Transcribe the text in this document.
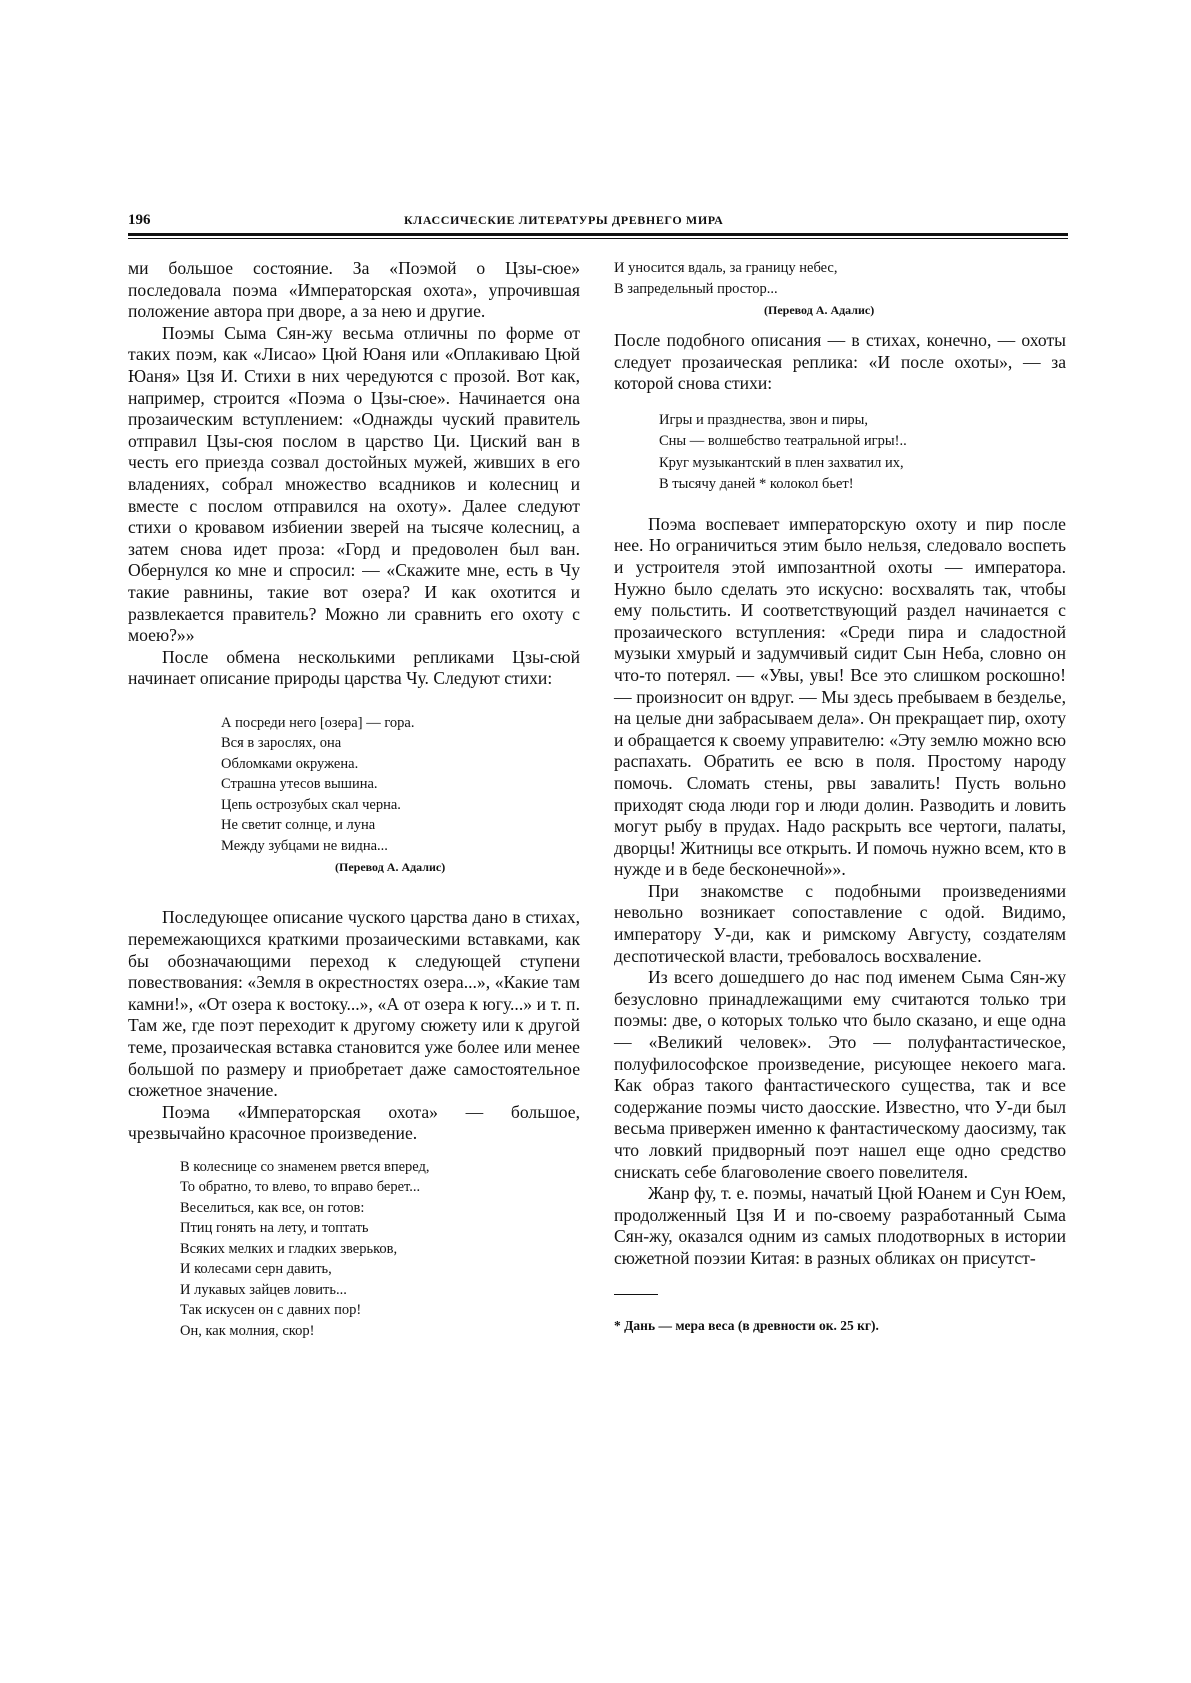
196	КЛАССИЧЕСКИЕ ЛИТЕРАТУРЫ ДРЕВНЕГО МИРА

ми большое состояние. За «Поэмой о Цзы-сюе» последовала поэма «Императорская охота», упрочившая положение автора при дворе, а за нею и другие.

Поэмы Сыма Сян-жу весьма отличны по форме от таких поэм, как «Лисао» Цюй Юаня или «Оплакиваю Цюй Юаня» Цзя И. Стихи в них чередуются с прозой. Вот как, например, строится «Поэма о Цзы-сюе». Начинается она прозаическим вступлением: «Однажды чуский правитель отправил Цзы-сюя послом в царство Ци. Циский ван в честь его приезда созвал достойных мужей, живших в его владениях, собрал множество всадников и колесниц и вместе с послом отправился на охоту». Далее следуют стихи о кровавом избиении зверей на тысяче колесниц, а затем снова идет проза: «Горд и предоволен был ван. Обернулся ко мне и спросил: — «Скажите мне, есть в Чу такие равнины, такие вот озера? И как охотится и развлекается правитель? Можно ли сравнить его охоту с моею?»»

После обмена несколькими репликами Цзы-сюй начинает описание природы царства Чу. Следуют стихи:

А посреди него [озера] — гора.
Вся в зарослях, она
Обломками окружена.
Страшна утесов вышина.
Цепь острозубых скал черна.
Не светит солнце, и луна
Между зубцами не видна...
(Перевод А. Адалис)

Последующее описание чуского царства дано в стихах, перемежающихся краткими прозаическими вставками, как бы обозначающими переход к следующей ступени повествования: «Земля в окрестностях озера...», «Какие там камни!», «От озера к востоку...», «А от озера к югу...» и т. п. Там же, где поэт переходит к другому сюжету или к другой теме, прозаическая вставка становится уже более или менее большой по размеру и приобретает даже самостоятельное сюжетное значение.

Поэма «Императорская охота» — большое, чрезвычайно красочное произведение.

В колеснице со знаменем рвется вперед,
То обратно, то влево, то вправо берет...
Веселиться, как все, он готов:
Птиц гонять на лету, и топтать
Всяких мелких и гладких зверьков,
И колесами серн давить,
И лукавых зайцев ловить...
Так искусен он с давних пор!
Он, как молния, скор!
И уносится вдаль, за границу небес,
В запредельный простор...
(Перевод А. Адалис)

После подобного описания — в стихах, конечно, — охоты следует прозаическая реплика: «И после охоты», — за которой снова стихи:

Игры и празднества, звон и пиры,
Сны — волшебство театральной игры!..
Круг музыкантский в плен захватил их,
В тысячу даней * колокол бьет!

Поэма воспевает императорскую охоту и пир после нее. Но ограничиться этим было нельзя, следовало воспеть и устроителя этой импозантной охоты — императора. Нужно было сделать это искусно: восхвалять так, чтобы ему польстить. И соответствующий раздел начинается с прозаического вступления: «Среди пира и сладостной музыки хмурый и задумчивый сидит Сын Неба, словно он что-то потерял. — «Увы, увы! Все это слишком роскошно! — произносит он вдруг. — Мы здесь пребываем в безделье, на целые дни забрасываем дела». Он прекращает пир, охоту и обращается к своему управителю: «Эту землю можно всю распахать. Обратить ее всю в поля. Простому народу помочь. Сломать стены, рвы завалить! Пусть вольно приходят сюда люди гор и люди долин. Разводить и ловить могут рыбу в прудах. Надо раскрыть все чертоги, палаты, дворцы! Житницы все открыть. И помочь нужно всем, кто в нужде и в беде бесконечной»».

При знакомстве с подобными произведениями невольно возникает сопоставление с одой. Видимо, императору У-ди, как и римскому Августу, создателям деспотической власти, требовалось восхваление.

Из всего дошедшего до нас под именем Сыма Сян-жу безусловно принадлежащими ему считаются только три поэмы: две, о которых только что было сказано, и еще одна — «Великий человек». Это — полуфантастическое, полуфилософское произведение, рисующее некоего мага. Как образ такого фантастического существа, так и все содержание поэмы чисто даосские. Известно, что У-ди был весьма привержен именно к фантастическому даосизму, так что ловкий придворный поэт нашел еще одно средство снискать себе благоволение своего повелителя.

Жанр фу, т. е. поэмы, начатый Цюй Юанем и Сун Юем, продолженный Цзя И и по-своему разработанный Сыма Сян-жу, оказался одним из самых плодотворных в истории сюжетной поэзии Китая: в разных обликах он присутст-

* Дань — мера веса (в древности ок. 25 кг).
